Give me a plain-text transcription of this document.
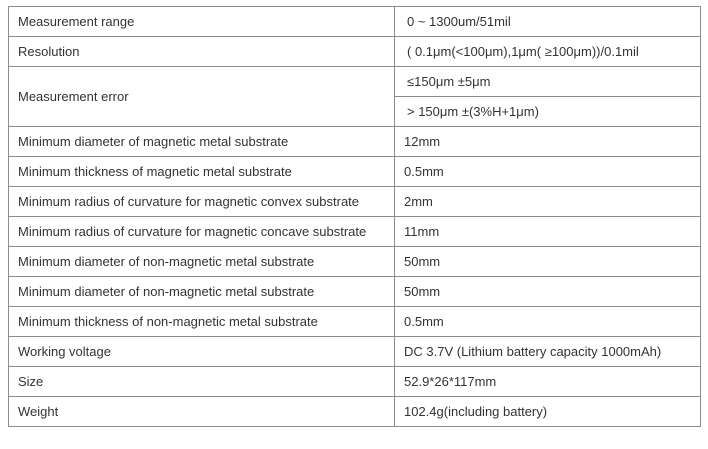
Measurement range	0 ~ 1300um/51mil
Resolution	( 0.1μm(<100μm),1μm( ≥100μm))/0.1mil
Measurement error	≤150μm ±5μm
	> 150μm ±(3%H+1μm)
Minimum diameter of magnetic metal substrate	12mm
Minimum thickness of magnetic metal substrate	0.5mm
Minimum radius of curvature for magnetic convex substrate	2mm
Minimum radius of curvature for magnetic concave substrate	11mm
Minimum diameter of non-magnetic metal substrate	50mm
Minimum diameter of non-magnetic metal substrate	50mm
Minimum thickness of non-magnetic metal substrate	0.5mm
Working voltage	DC 3.7V (Lithium battery capacity 1000mAh)
Size	52.9*26*117mm
Weight	102.4g(including battery)
